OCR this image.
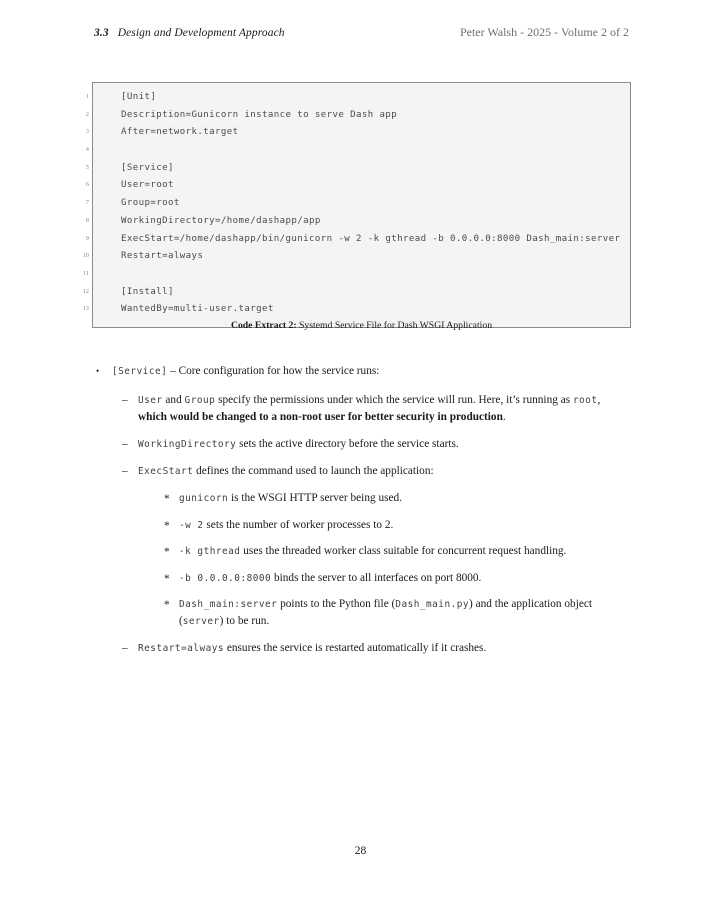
3.3 Design and Development Approach	Peter Walsh - 2025 - Volume 2 of 2
1
2
3
4
5
6
7
8
9
10
11
12
13
[Unit]
Description=Gunicorn instance to serve Dash app
After=network.target

[Service]
User=root
Group=root
WorkingDirectory=/home/dashapp/app
ExecStart=/home/dashapp/bin/gunicorn -w 2 -k gthread -b 0.0.0.0:8000 Dash_main:server
Restart=always

[Install]
WantedBy=multi-user.target
Code Extract 2: Systemd Service File for Dash WSGI Application
• [Service] – Core configuration for how the service runs:
– User and Group specify the permissions under which the service will run. Here, it’s running as root, which would be changed to a non-root user for better security in production.
– WorkingDirectory sets the active directory before the service starts.
– ExecStart defines the command used to launch the application:
* gunicorn is the WSGI HTTP server being used.
* -w 2 sets the number of worker processes to 2.
* -k gthread uses the threaded worker class suitable for concurrent request handling.
* -b 0.0.0.0:8000 binds the server to all interfaces on port 8000.
* Dash_main:server points to the Python file (Dash_main.py) and the application object

(server) to be run.
– Restart=always ensures the service is restarted automatically if it crashes.
28
